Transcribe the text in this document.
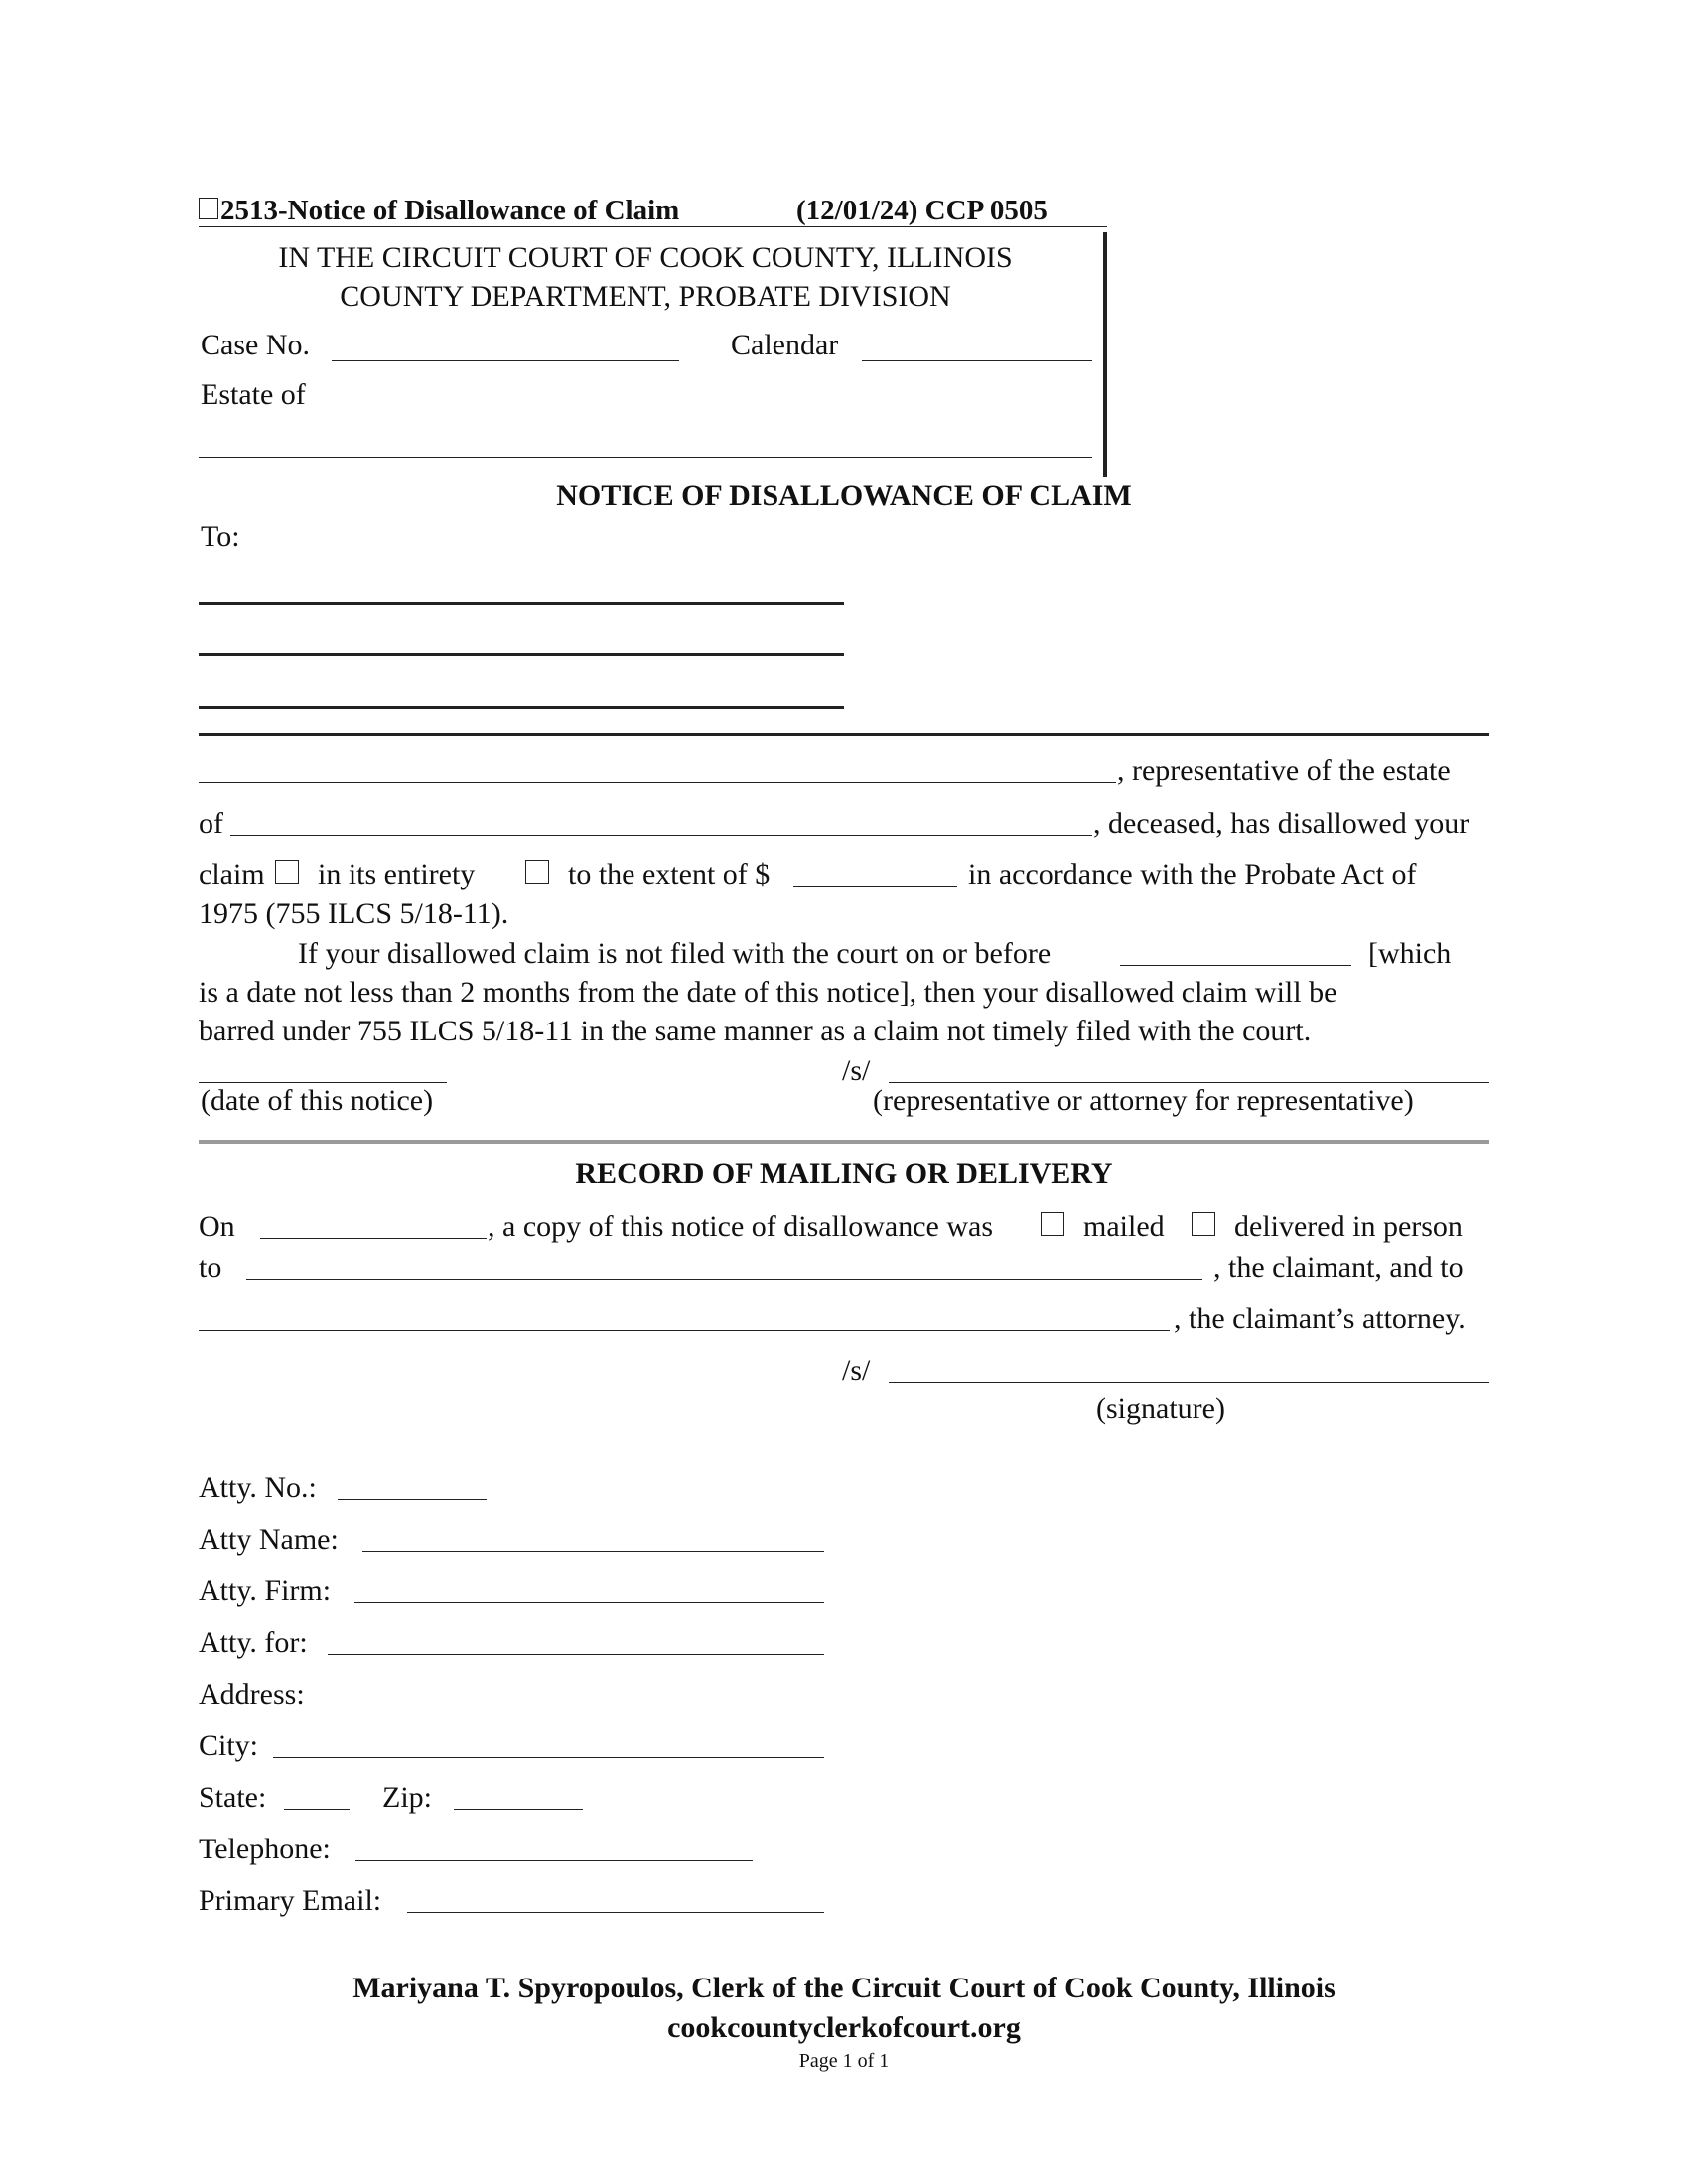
2513-Notice of Disallowance of Claim	(12/01/24) CCP 0505
IN THE CIRCUIT COURT OF COOK COUNTY, ILLINOIS
COUNTY DEPARTMENT, PROBATE DIVISION
Case No.	Calendar
Estate of
NOTICE OF DISALLOWANCE OF CLAIM
To:
, representative of the estate
of	, deceased, has disallowed your
claim in its entirety	to the extent of $	in accordance with the Probate Act of
1975 (755 ILCS 5/18-11).
If your disallowed claim is not filed with the court on or before	[which
is a date not less than 2 months from the date of this notice], then your disallowed claim will be
barred under 755 ILCS 5/18-11 in the same manner as a claim not timely filed with the court.
/s/
(date of this notice)	(representative or attorney for representative)
RECORD OF MAILING OR DELIVERY
On	, a copy of this notice of disallowance was	mailed delivered in person
to	, the claimant, and to
, the claimant’s attorney.
/s/
(signature)
Atty. No.:
Atty Name:
Atty. Firm:
Atty. for:
Address:
City:
State:	Zip:
Telephone:
Primary Email:
Mariyana T. Spyropoulos, Clerk of the Circuit Court of Cook County, Illinois
cookcountyclerkofcourt.org
Page 1 of 1
